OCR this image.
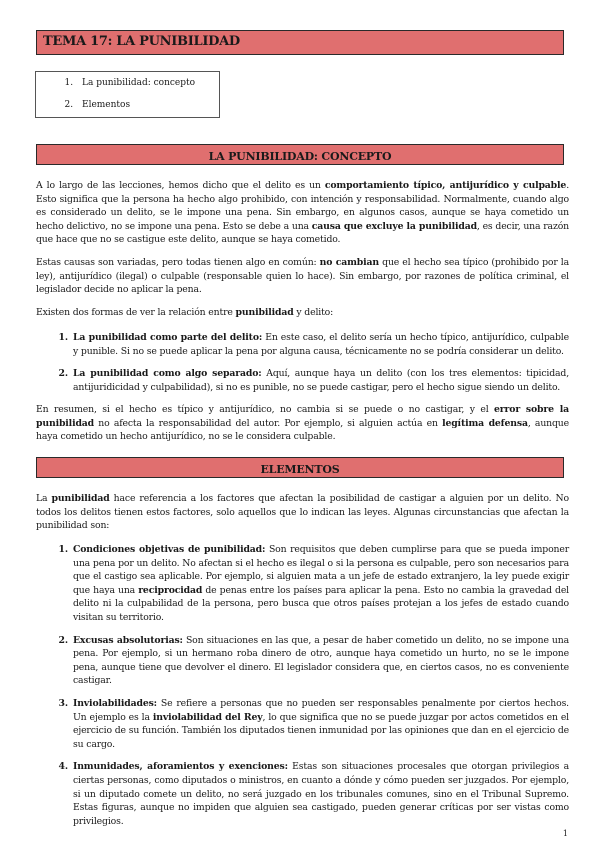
TEMA 17: LA PUNIBILIDAD
1. La punibilidad: concepto
2. Elementos
LA PUNIBILIDAD: CONCEPTO

A lo largo de las lecciones, hemos dicho que el delito es un comportamiento típico, antijurídico y culpable. Esto significa que la persona ha hecho algo prohibido, con intención y responsabilidad. Normalmente, cuando algo es considerado un delito, se le impone una pena. Sin embargo, en algunos casos, aunque se haya cometido un hecho delictivo, no se impone una pena. Esto se debe a una causa que excluye la punibilidad, es decir, una razón que hace que no se castigue este delito, aunque se haya cometido.

Estas causas son variadas, pero todas tienen algo en común: no cambian que el hecho sea típico (prohibido por la ley), antijurídico (ilegal) o culpable (responsable quien lo hace). Sin embargo, por razones de política criminal, el legislador decide no aplicar la pena.

Existen dos formas de ver la relación entre punibilidad y delito:

1. La punibilidad como parte del delito: En este caso, el delito sería un hecho típico, antijurídico, culpable y punible. Si no se puede aplicar la pena por alguna causa, técnicamente no se podría considerar un delito.
2. La punibilidad como algo separado: Aquí, aunque haya un delito (con los tres elementos: tipicidad, antijuridicidad y culpabilidad), si no es punible, no se puede castigar, pero el hecho sigue siendo un delito.

En resumen, si el hecho es típico y antijurídico, no cambia si se puede o no castigar, y el error sobre la punibilidad no afecta la responsabilidad del autor. Por ejemplo, si alguien actúa en legítima defensa, aunque haya cometido un hecho antijurídico, no se le considera culpable.

ELEMENTOS

La punibilidad hace referencia a los factores que afectan la posibilidad de castigar a alguien por un delito. No todos los delitos tienen estos factores, solo aquellos que lo indican las leyes. Algunas circunstancias que afectan la punibilidad son:

1. Condiciones objetivas de punibilidad: Son requisitos que deben cumplirse para que se pueda imponer una pena por un delito. No afectan si el hecho es ilegal o si la persona es culpable, pero son necesarios para que el castigo sea aplicable. Por ejemplo, si alguien mata a un jefe de estado extranjero, la ley puede exigir que haya una reciprocidad de penas entre los países para aplicar la pena. Esto no cambia la gravedad del delito ni la culpabilidad de la persona, pero busca que otros países protejan a los jefes de estado cuando visitan su territorio.
2. Excusas absolutorias: Son situaciones en las que, a pesar de haber cometido un delito, no se impone una pena. Por ejemplo, si un hermano roba dinero de otro, aunque haya cometido un hurto, no se le impone pena, aunque tiene que devolver el dinero. El legislador considera que, en ciertos casos, no es conveniente castigar.
3. Inviolabilidades: Se refiere a personas que no pueden ser responsables penalmente por ciertos hechos. Un ejemplo es la inviolabilidad del Rey, lo que significa que no se puede juzgar por actos cometidos en el ejercicio de su función. También los diputados tienen inmunidad por las opiniones que dan en el ejercicio de su cargo.
4. Inmunidades, aforamientos y exenciones: Estas son situaciones procesales que otorgan privilegios a ciertas personas, como diputados o ministros, en cuanto a dónde y cómo pueden ser juzgados. Por ejemplo, si un diputado comete un delito, no será juzgado en los tribunales comunes, sino en el Tribunal Supremo. Estas figuras, aunque no impiden que alguien sea castigado, pueden generar críticas por ser vistas como privilegios.
1
